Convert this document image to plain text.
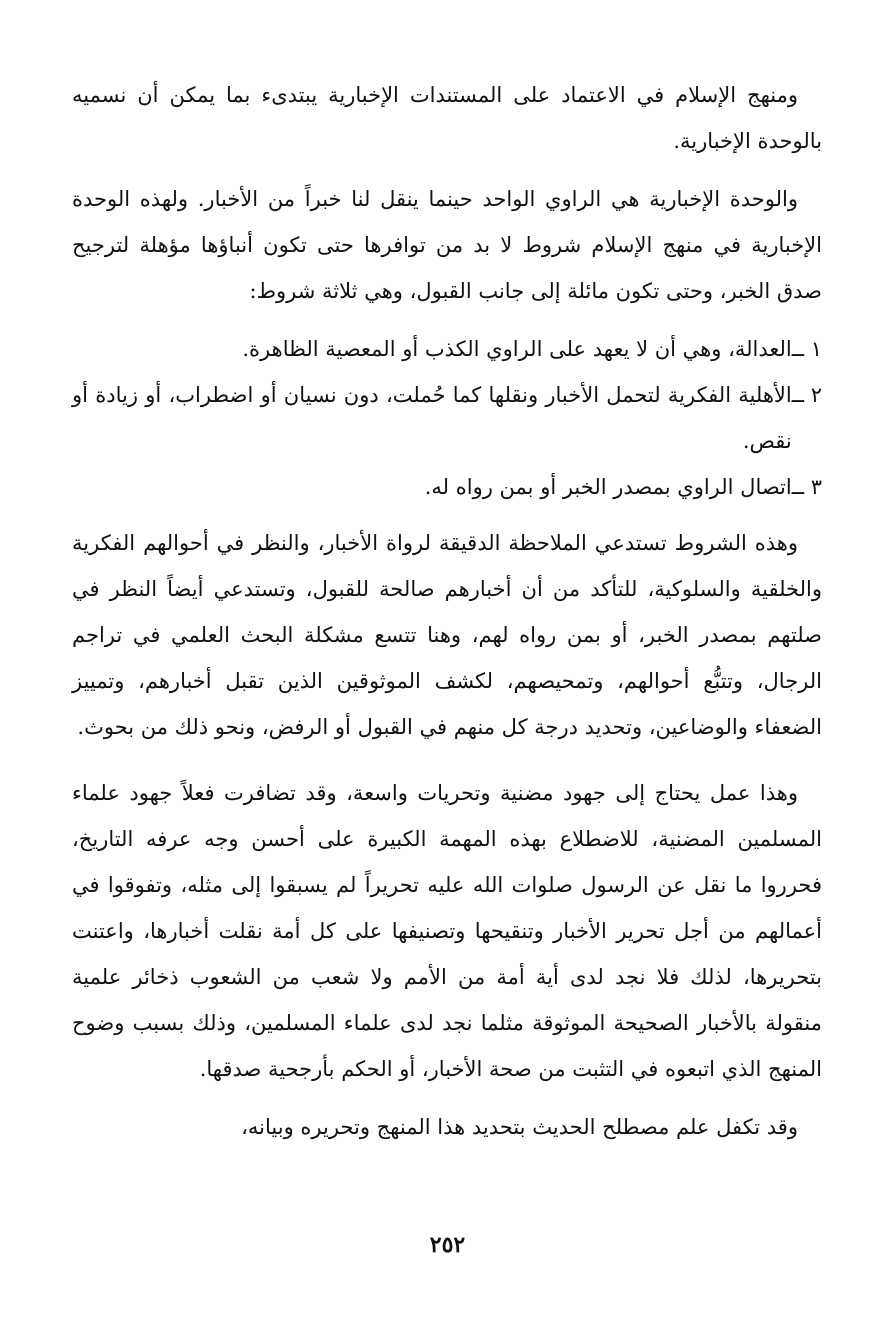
ومنهج الإسلام في الاعتماد على المستندات الإخبارية يبتدىء بما يمكن أن نسميه بالوحدة الإخبارية.

والوحدة الإخبارية هي الراوي الواحد حينما ينقل لنا خبراً من الأخبار. ولهذه الوحدة الإخبارية في منهج الإسلام شروط لا بد من توافرها حتى تكون أنباؤها مؤهلة لترجيح صدق الخبر، وحتى تكون مائلة إلى جانب القبول، وهي ثلاثة شروط:

١ ــ
العدالة، وهي أن لا يعهد على الراوي الكذب أو المعصية الظاهرة.
٢ ــ
الأهلية الفكرية لتحمل الأخبار ونقلها كما حُملت، دون نسيان أو اضطراب، أو زيادة أو نقص.
٣ ــ
اتصال الراوي بمصدر الخبر أو بمن رواه له.

وهذه الشروط تستدعي الملاحظة الدقيقة لرواة الأخبار، والنظر في أحوالهم الفكرية والخلقية والسلوكية، للتأكد من أن أخبارهم صالحة للقبول، وتستدعي أيضاً النظر في صلتهم بمصدر الخبر، أو بمن رواه لهم، وهنا تتسع مشكلة البحث العلمي في تراجم الرجال، وتتبُّع أحوالهم، وتمحيصهم، لكشف الموثوقين الذين تقبل أخبارهم، وتمييز الضعفاء والوضاعين، وتحديد درجة كل منهم في القبول أو الرفض، ونحو ذلك من بحوث.

وهذا عمل يحتاج إلى جهود مضنية وتحريات واسعة، وقد تضافرت فعلاً جهود علماء المسلمين المضنية، للاضطلاع بهذه المهمة الكبيرة على أحسن وجه عرفه التاريخ، فحرروا ما نقل عن الرسول صلوات الله عليه تحريراً لم يسبقوا إلى مثله، وتفوقوا في أعمالهم من أجل تحرير الأخبار وتنقيحها وتصنيفها على كل أمة نقلت أخبارها، واعتنت بتحريرها، لذلك فلا نجد لدى أية أمة من الأمم ولا شعب من الشعوب ذخائر علمية منقولة بالأخبار الصحيحة الموثوقة مثلما نجد لدى علماء المسلمين، وذلك بسبب وضوح المنهج الذي اتبعوه في التثبت من صحة الأخبار، أو الحكم بأرجحية صدقها.

وقد تكفل علم مصطلح الحديث بتحديد هذا المنهج وتحريره وبيانه،

٢٥٢
